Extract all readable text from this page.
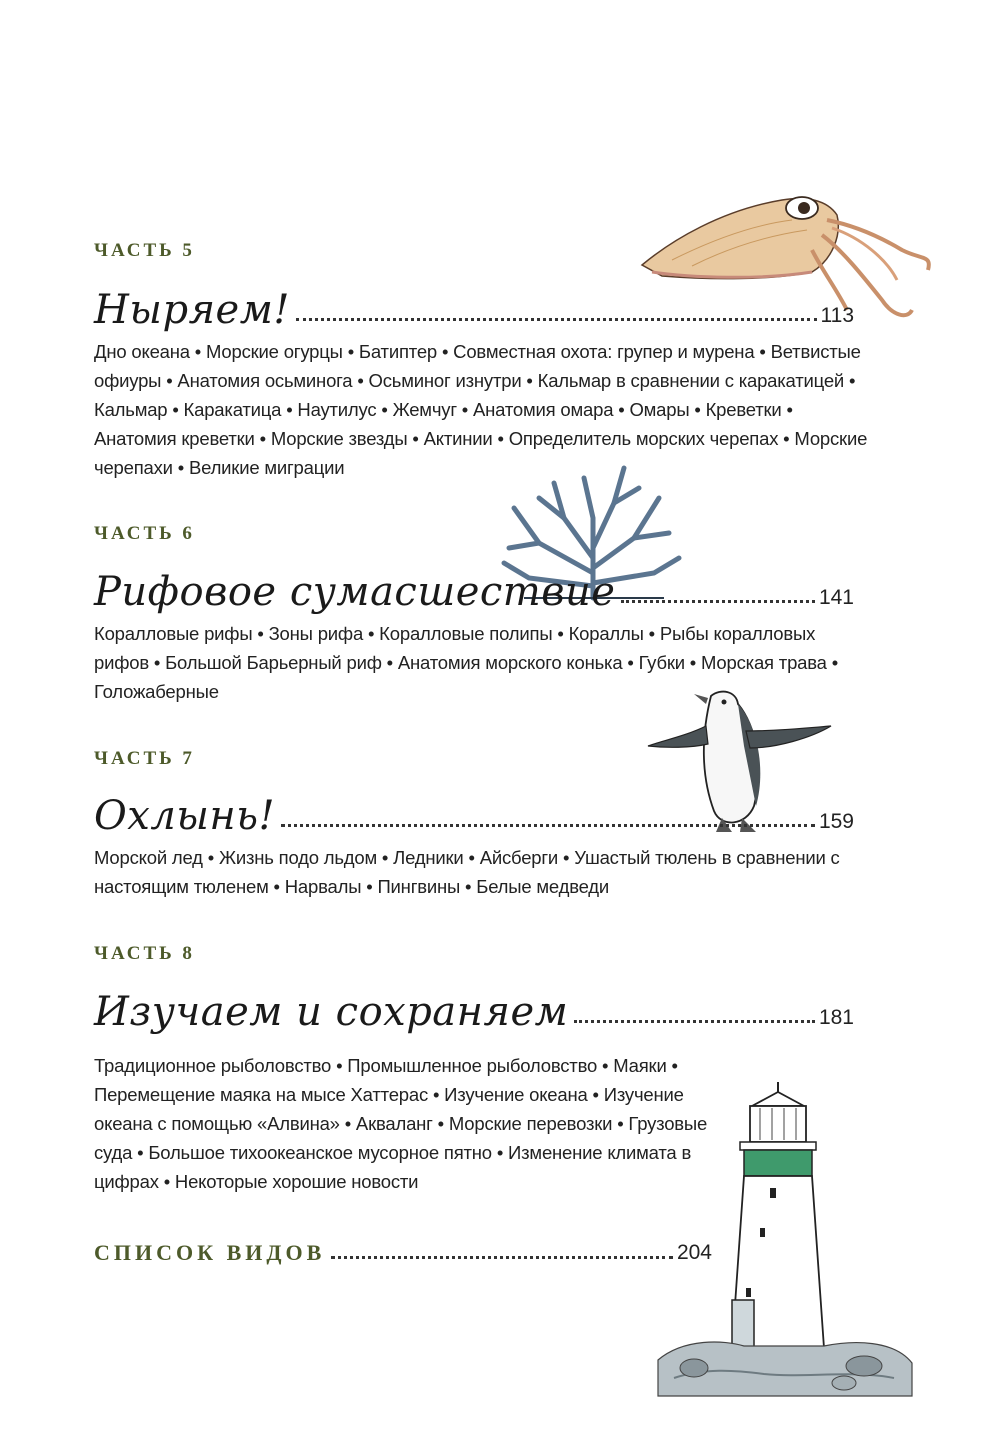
ЧАСТЬ 5
Ныряем!	113
Дно океана • Морские огурцы • Батиптер • Совместная охота: групер и мурена • Ветвистые офиуры • Анатомия осьминога • Осьминог изнутри • Кальмар в сравнении с каракатицей • Кальмар • Каракатица • Наутилус • Жемчуг • Анатомия омара • Омары • Креветки • Анатомия креветки • Морские звезды • Актинии • Определитель морских черепах • Морские черепахи • Великие миграции
ЧАСТЬ 6
Рифовое сумасшествие	141
Коралловые рифы • Зоны рифа • Коралловые полипы • Кораллы • Рыбы коралловых рифов • Большой Барьерный риф • Анатомия морского конька • Губки • Морская трава • Голожаберные
ЧАСТЬ 7
Охлынь!	159
Морской лед • Жизнь подо льдом • Ледники • Айсберги • Ушастый тюлень в сравнении с настоящим тюленем • Нарвалы • Пингвины • Белые медведи
ЧАСТЬ 8
Изучаем и сохраняем	181
Традиционное рыболовство • Промышленное рыболовство • Маяки • Перемещение маяка на мысе Хаттерас • Изучение океана • Изучение океана с помощью «Алвина» • Акваланг • Морские перевозки • Грузовые суда • Большое тихоокеанское мусорное пятно • Изменение климата в цифрах • Некоторые хорошие новости
СПИСОК ВИДОВ	204
